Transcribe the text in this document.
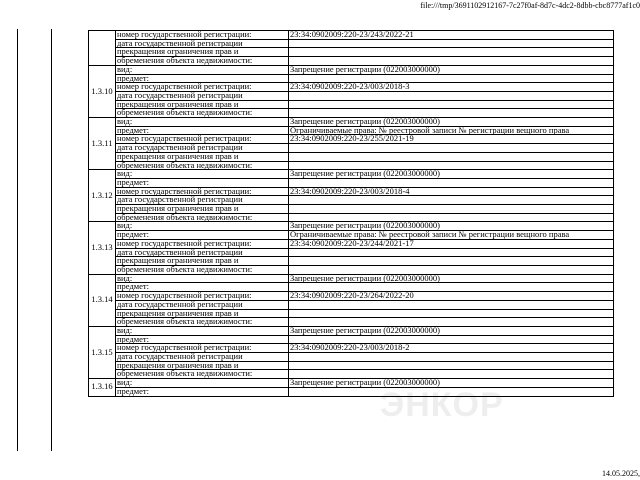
file:///tmp/3691102912167-7c27f0af-8d7c-4dc2-8dbb-cbc8777af1c0
ЭНКОР
	номер государственной регистрации:	23:34:0902009:220-23/243/2022-21
	дата государственной регистрации	
	прекращения ограничения прав и	
	обременения объекта недвижимости:	
1.3.10	вид:	Запрещение регистрации (022003000000)
	предмет:	
	номер государственной регистрации:	23:34:0902009:220-23/003/2018-3
	дата государственной регистрации	
	прекращения ограничения прав и	
	обременения объекта недвижимости:	
1.3.11	вид:	Запрещение регистрации (022003000000)
	предмет:	Ограничиваемые права: № реестровой записи № регистрации вещного права
	номер государственной регистрации:	23:34:0902009:220-23/255/2021-19
	дата государственной регистрации	
	прекращения ограничения прав и	
	обременения объекта недвижимости:	
1.3.12	вид:	Запрещение регистрации (022003000000)
	предмет:	
	номер государственной регистрации:	23:34:0902009:220-23/003/2018-4
	дата государственной регистрации	
	прекращения ограничения прав и	
	обременения объекта недвижимости:	
1.3.13	вид:	Запрещение регистрации (022003000000)
	предмет:	Ограничиваемые права: № реестровой записи № регистрации вещного права
	номер государственной регистрации:	23:34:0902009:220-23/244/2021-17
	дата государственной регистрации	
	прекращения ограничения прав и	
	обременения объекта недвижимости:	
1.3.14	вид:	Запрещение регистрации (022003000000)
	предмет:	
	номер государственной регистрации:	23:34:0902009:220-23/264/2022-20
	дата государственной регистрации	
	прекращения ограничения прав и	
	обременения объекта недвижимости:	
1.3.15	вид:	Запрещение регистрации (022003000000)
	предмет:	
	номер государственной регистрации:	23:34:0902009:220-23/003/2018-2
	дата государственной регистрации	
	прекращения ограничения прав и	
	обременения объекта недвижимости:	
1.3.16	вид:	Запрещение регистрации (022003000000)
	предмет:	
14.05.2025,
